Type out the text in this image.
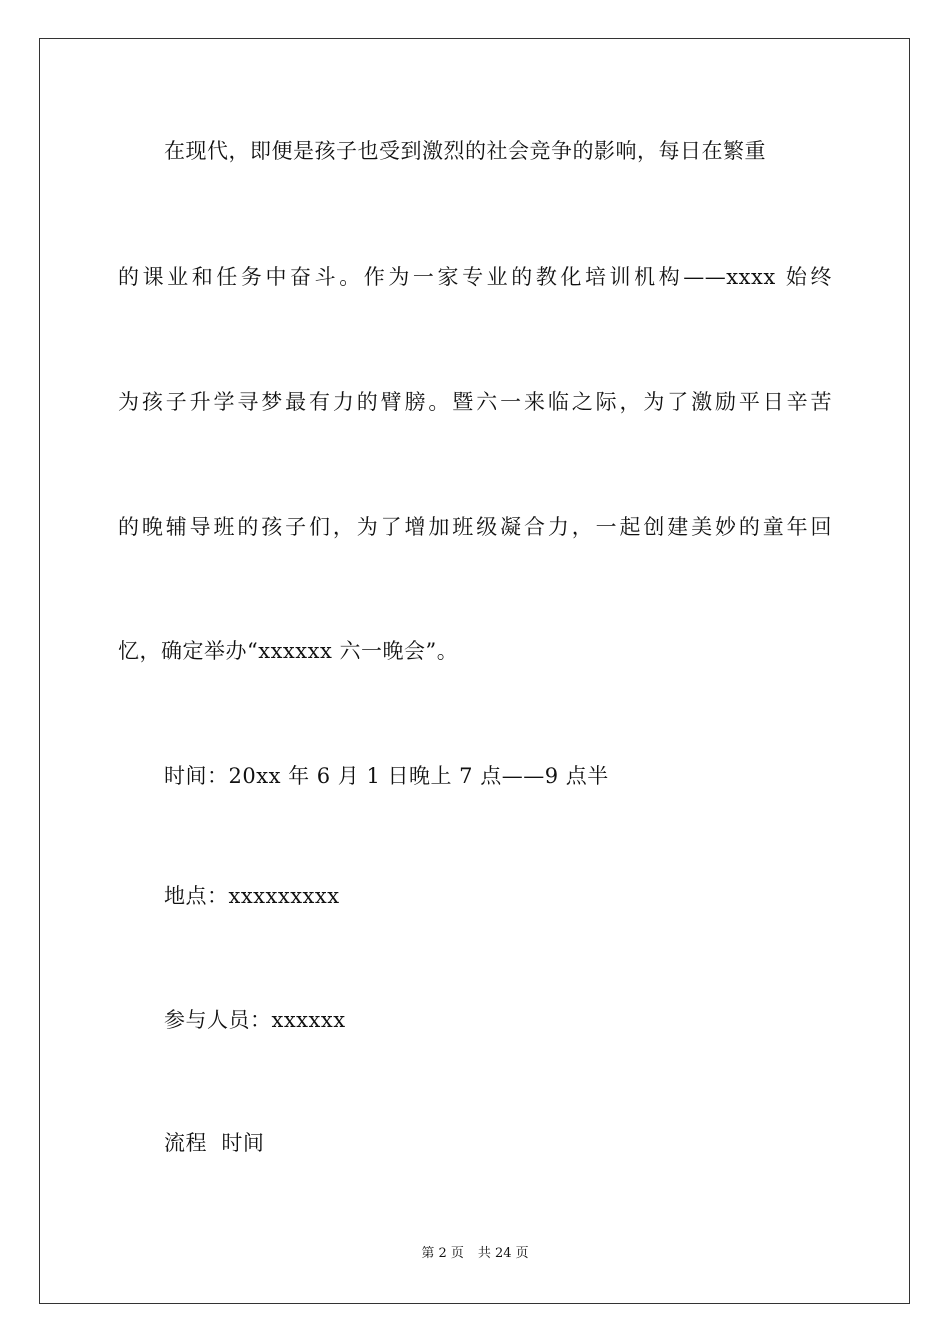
在现代，即便是孩子也受到激烈的社会竞争的影响，每日在繁重
的课业和任务中奋斗。作为一家专业的教化培训机构——xxxx 始终
为孩子升学寻梦最有力的臂膀。暨六一来临之际，为了激励平日辛苦
的晚辅导班的孩子们，为了增加班级凝合力，一起创建美妙的童年回
忆，确定举办“xxxxxx 六一晚会”。
时间：20xx 年 6 月 1 日晚上 7 点——9 点半
地点：xxxxxxxxx
参与人员：xxxxxx
流程  时间
第 2 页 共 24 页
